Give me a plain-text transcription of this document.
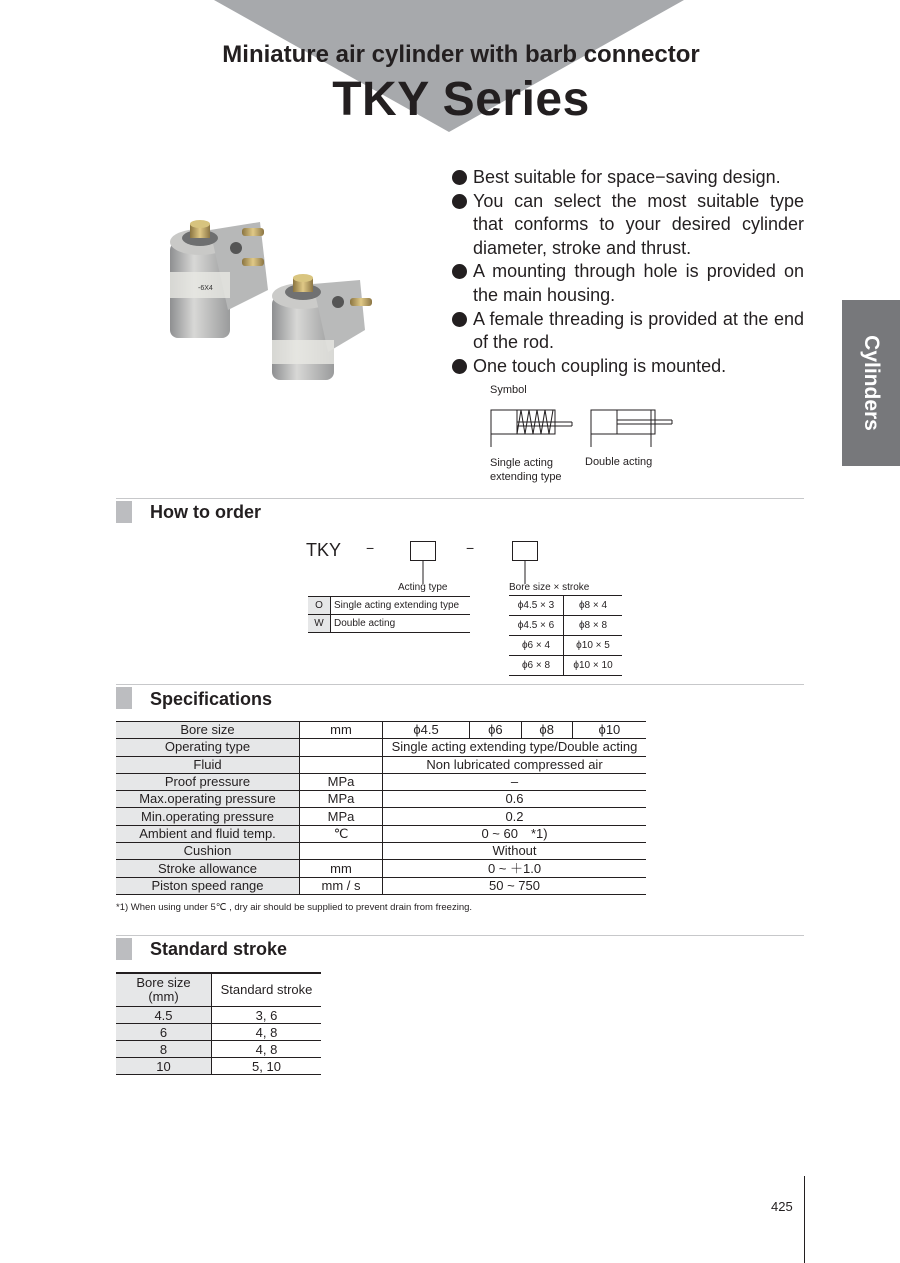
Miniature air cylinder with barb connector
TKY Series
Cylinders
-6X4
Best suitable for space−saving design.
You can select the most suitable type that conforms to your desired cylinder diameter, stroke and thrust.
A mounting through hole is provided on the main housing.
A female threading is provided at the end of the rod.
One touch coupling is mounted.
Symbol
Single acting
extending type
Double acting
How to order
TKY −	−
Acting type	Bore size × stroke
O	Single acting extending type
W	Double acting
ϕ4.5 × 3	ϕ8 × 4
ϕ4.5 × 6	ϕ8 × 8
ϕ6 × 4	ϕ10 × 5
ϕ6 × 8	ϕ10 × 10
Specifications
Bore size	mm	ϕ4.5	ϕ6	ϕ8	ϕ10
Operating type		Single acting extending type/Double acting			
Fluid		Non lubricated compressed air			
Proof pressure	MPa	–			
Max.operating pressure	MPa	0.6			
Min.operating pressure	MPa	0.2			
Ambient and fluid temp.	℃	0 ~ 60　*1)			
Cushion		Without			
Stroke allowance	mm	0 ~ ＋1.0			
Piston speed range	mm / s	50 ~ 750			
*1) When using under 5℃ , dry air should be supplied to prevent drain from freezing.
Standard stroke
Bore size
(mm)	Standard stroke
4.5	3, 6
6	4, 8
8	4, 8
10	5, 10
425
